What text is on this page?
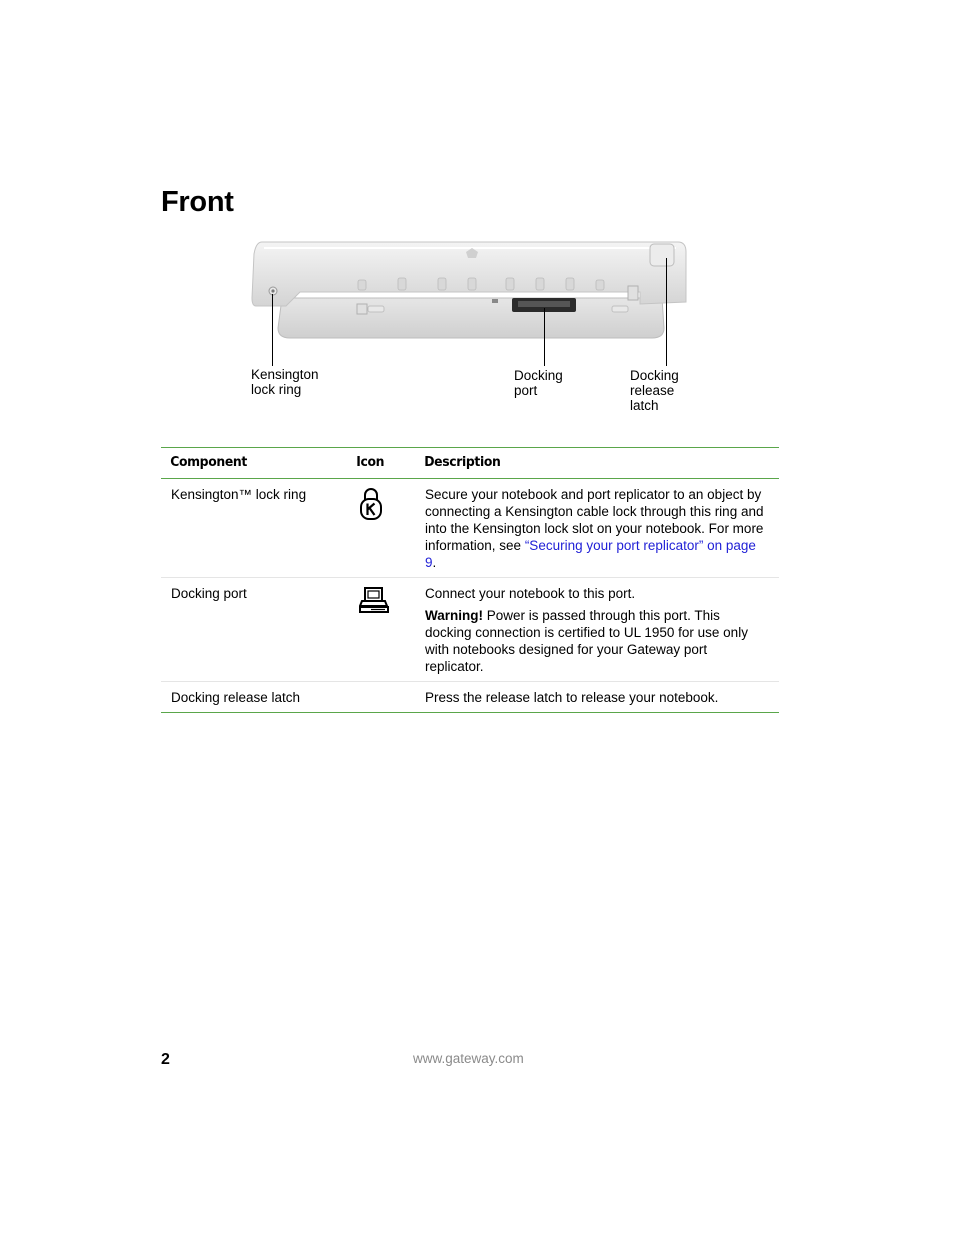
Front
Kensington
lock ring
Docking
port
Docking
release
latch
Component	Icon	Description
Kensington™ lock ring		Secure your notebook and port replicator to an object by connecting a Kensington cable lock through this ring and into the Kensington lock slot on your notebook. For more information, see “Securing your port replicator” on page 9.
Docking port		Connect your notebook to this port.

Warning! Power is passed through this port. This docking connection is certified to UL 1950 for use only with notebooks designed for your Gateway port replicator.

Docking release latch		Press the release latch to release your notebook.
2	www.gateway.com
